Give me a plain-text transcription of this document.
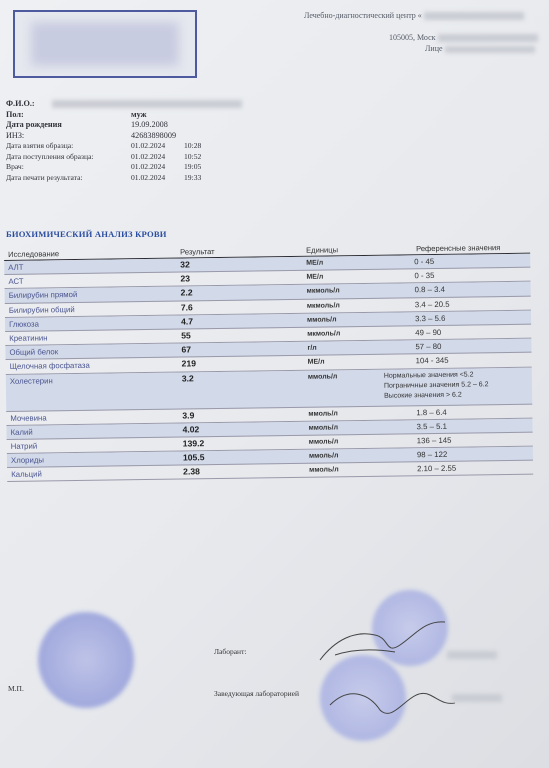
Лечебно-диагностический центр «
105005, Моск
Лице
Ф.И.О.:
Пол:	муж
Дата рождения	19.09.2008
ИНЗ:	42683898009
Дата взятия образца:	01.02.2024 10:28
Дата поступления образца:	01.02.2024 10:52
Врач:	01.02.2024 19:05
Дата печати результата:	01.02.2024 19:33
БИОХИМИЧЕСКИЙ АНАЛИЗ КРОВИ
Исследование	Результат	Единицы	Референсные значения
АЛТ	32	МЕ/л	0 - 45
АСТ	23	МЕ/л	0 - 35
Билирубин прямой	2.2	мкмоль/л	0.8 – 3.4
Билирубин общий	7.6	мкмоль/л	3.4 – 20.5
Глюкоза	4.7	ммоль/л	3.3 – 5.6
Креатинин	55	мкмоль/л	49 – 90
Общий белок	67	г/л	57 – 80
Щелочная фосфатаза	219	МЕ/л	104 - 345
Холестерин	3.2	ммоль/л	Нормальные значения <5.2
Пограничные значения 5.2 – 6.2
Высокие значения > 6.2
Мочевина	3.9	ммоль/л	1.8 – 6.4
Калий	4.02	ммоль/л	3.5 – 5.1
Натрий	139.2	ммоль/л	136 – 145
Хлориды	105.5	ммоль/л	98 – 122
Кальций	2.38	ммоль/л	2.10 – 2.55
Лаборант:
Заведующая лабораторией
М.П.
